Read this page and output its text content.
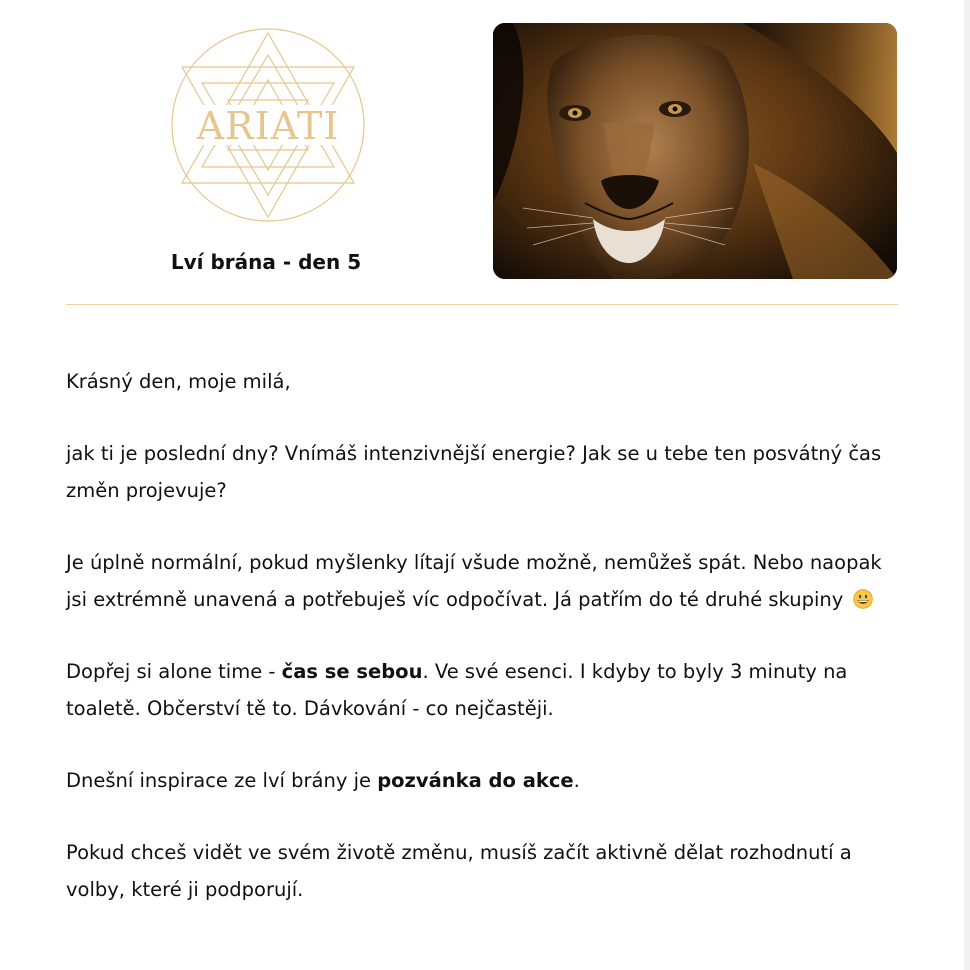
ARIATI
Lví brána - den 5

Krásný den, moje milá,

jak ti je poslední dny? Vnímáš intenzivnější energie? Jak se u tebe ten posvátný čas změn projevuje?

Je úplně normální, pokud myšlenky lítají všude možně, nemůžeš spát. Nebo naopak jsi extrémně unavená a potřebuješ víc odpočívat. Já patřím do té druhé skupiny

Dopřej si alone time - čas se sebou. Ve své esenci. I kdyby to byly 3 minuty na toaletě. Občerství tě to. Dávkování - co nejčastěji.

Dnešní inspirace ze lví brány je pozvánka do akce.

Pokud chceš vidět ve svém životě změnu, musíš začít aktivně dělat rozhodnutí a volby, které ji podporují.
